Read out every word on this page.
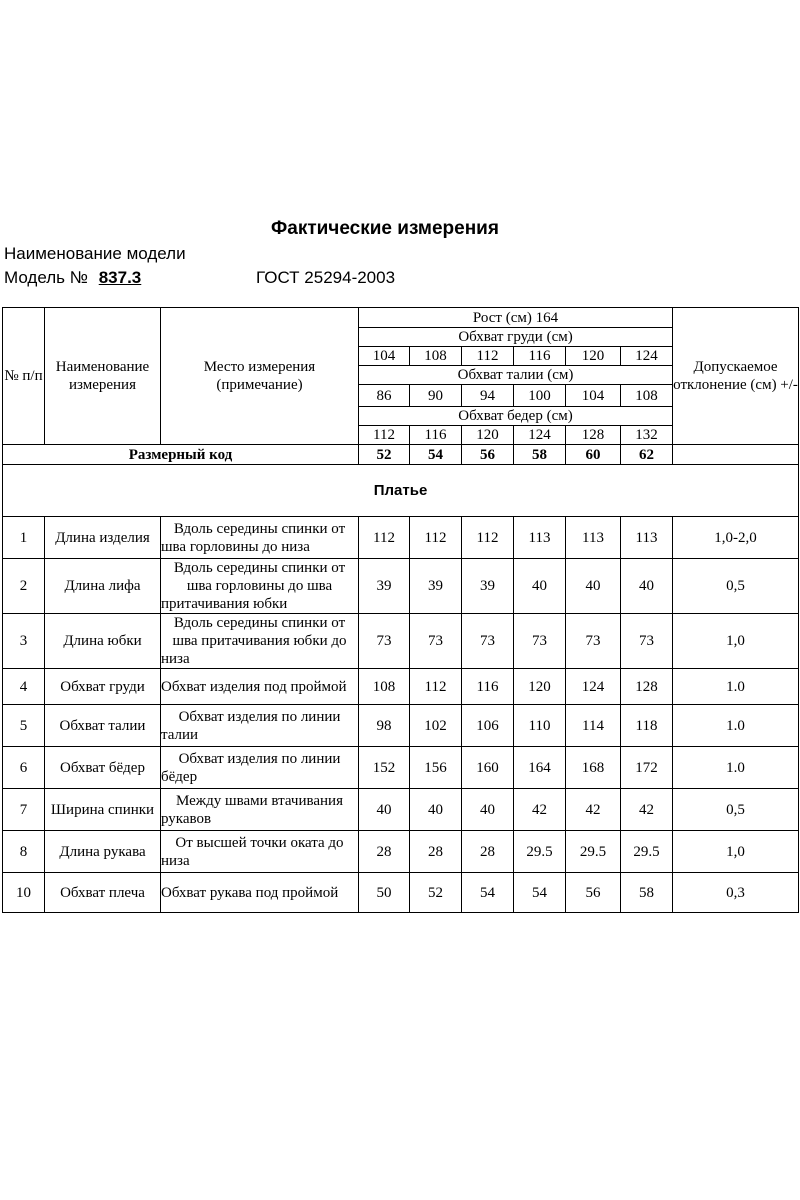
Фактические измерения
Наименование модели
Модель № 837.3	ГОСТ 25294-2003
№ п/п	Наименование измерения	Место измерения (примечание)	Рост (см) 164						Допускаемое отклонение (см) +/-
			Обхват груди (см)						
			104	108	112	116	120	124	
			Обхват талии (см)						
			86	90	94	100	104	108	
			Обхват бедер (см)						
			112	116	120	124	128	132	
Размерный код			52	54	56	58	60	62	
Платье									
1	Длина изделия	Вдоль середины спинки от шва горловины до низа	112	112	112	113	113	113	1,0-2,0
2	Длина лифа	Вдоль середины спинки от шва горловины до шва притачивания юбки	39	39	39	40	40	40	0,5
3	Длина юбки	Вдоль середины спинки от шва притачивания юбки до низа	73	73	73	73	73	73	1,0
4	Обхват груди	Обхват изделия под проймой	108	112	116	120	124	128	1.0
5	Обхват талии	Обхват изделия по линии талии	98	102	106	110	114	118	1.0
6	Обхват бёдер	Обхват изделия по линии бёдер	152	156	160	164	168	172	1.0
7	Ширина спинки	Между швами втачивания рукавов	40	40	40	42	42	42	0,5
8	Длина рукава	От высшей точки оката до низа	28	28	28	29.5	29.5	29.5	1,0
10	Обхват плеча	Обхват рукава под проймой	50	52	54	54	56	58	0,3
